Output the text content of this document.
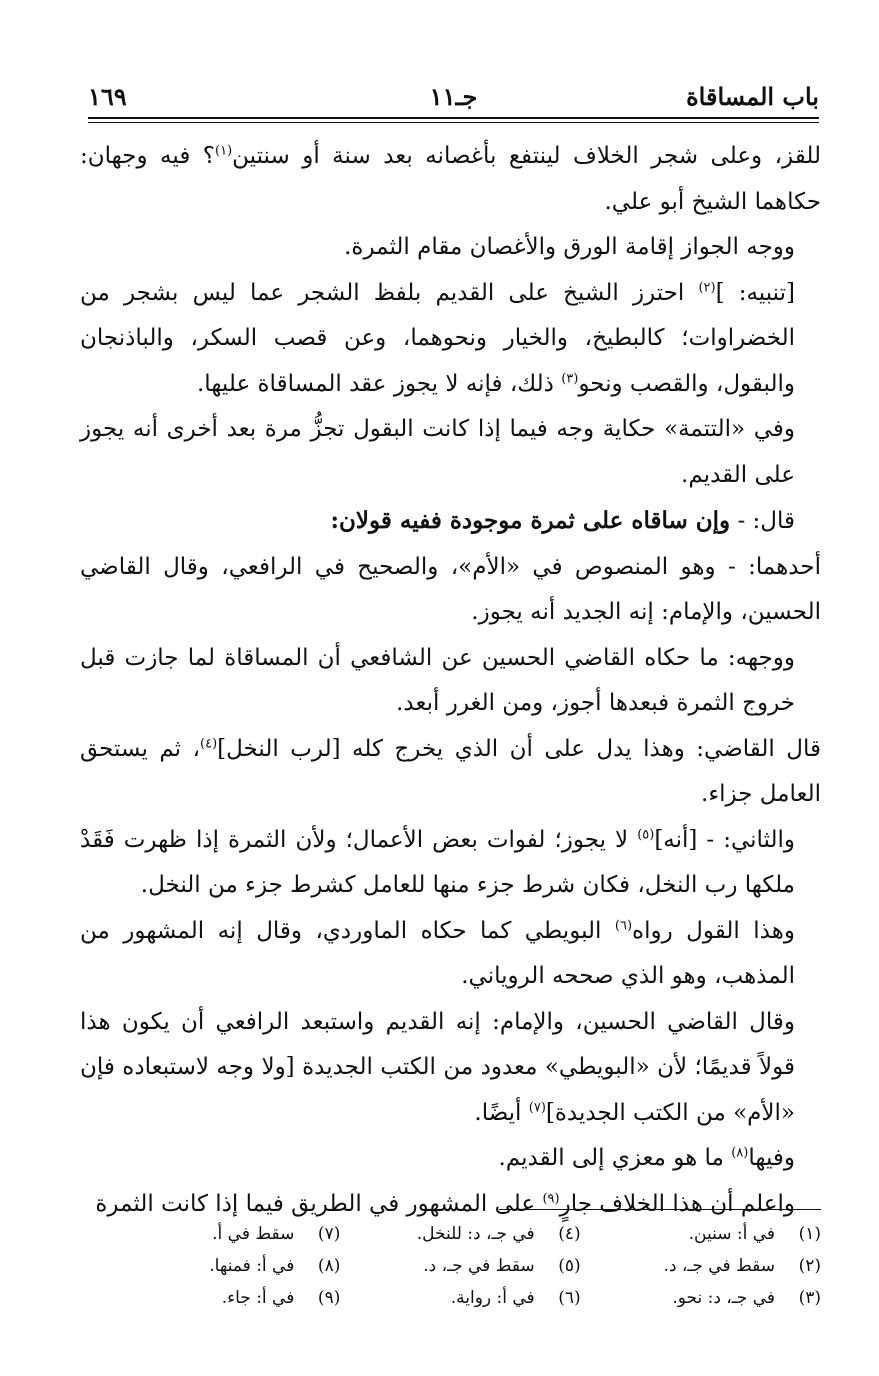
باب المساقاة
جـ١١
١٦٩

للقز، وعلى شجر الخلاف لينتفع بأغصانه بعد سنة أو سنتين$^{(١)}$؟ فيه وجهان: حكاهما الشيخ أبو علي.

ووجه الجواز إقامة الورق والأغصان مقام الثمرة.

[تنبيه: ]$^{(٢)}$ احترز الشيخ على القديم بلفظ الشجر عما ليس بشجر من الخضراوات؛ كالبطيخ، والخيار ونحوهما، وعن قصب السكر، والباذنجان والبقول، والقصب ونحو$^{(٣)}$ ذلك، فإنه لا يجوز عقد المساقاة عليها.

وفي «التتمة» حكاية وجه فيما إذا كانت البقول تجزُّ مرة بعد أخرى أنه يجوز على القديم.

قال: - وإن ساقاه على ثمرة موجودة ففيه قولان:

أحدهما: - وهو المنصوص في «الأم»، والصحيح في الرافعي، وقال القاضي الحسين، والإمام: إنه الجديد أنه يجوز.

ووجهه: ما حكاه القاضي الحسين عن الشافعي أن المساقاة لما جازت قبل خروج الثمرة فبعدها أجوز، ومن الغرر أبعد.

قال القاضي: وهذا يدل على أن الذي يخرج كله [لرب النخل]$^{(٤)}$، ثم يستحق العامل جزاء.

والثاني: - [أنه]$^{(٥)}$ لا يجوز؛ لفوات بعض الأعمال؛ ولأن الثمرة إذا ظهرت فَقَدْ ملكها رب النخل، فكان شرط جزء منها للعامل كشرط جزء من النخل.

وهذا القول رواه$^{(٦)}$ البويطي كما حكاه الماوردي، وقال إنه المشهور من المذهب، وهو الذي صححه الروياني.

وقال القاضي الحسين، والإمام: إنه القديم واستبعد الرافعي أن يكون هذا قولاً قديمًا؛ لأن «البويطي» معدود من الكتب الجديدة [ولا وجه لاستبعاده فإن «الأم» من الكتب الجديدة]$^{(٧)}$ أيضًا.

وفيها$^{(٨)}$ ما هو معزي إلى القديم.

واعلم أن هذا الخلاف جارٍ$^{(٩)}$ على المشهور في الطريق فيما إذا كانت الثمرة

(١)في أ: سنين.
(٤)في جـ، د: للنخل.
(٧)سقط في أ.
(٢)سقط في جـ، د.
(٥)سقط في جـ، د.
(٨)في أ: فمنها.
(٣)في جـ، د: نحو.
(٦)في أ: رواية.
(٩)في أ: جاء.
